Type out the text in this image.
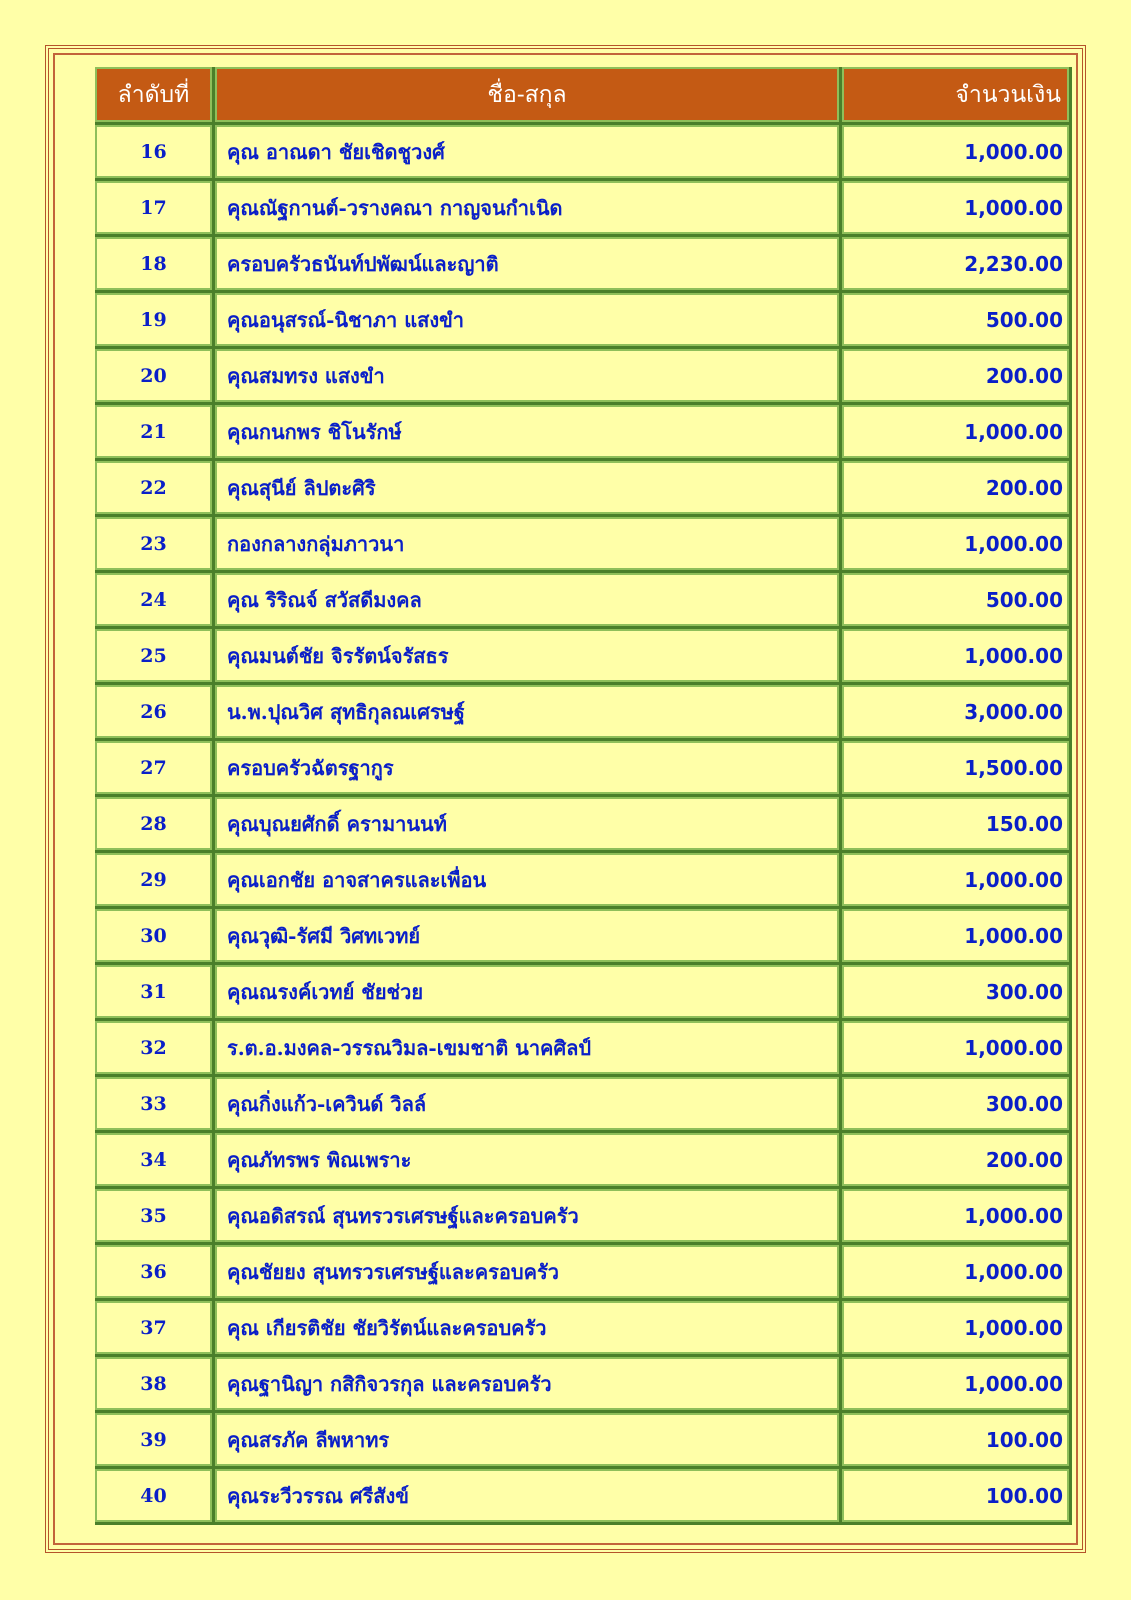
ลำดับที่	ชื่อ-สกุล	จำนวนเงิน
16	คุณ อาณดา ชัยเชิดชูวงศ์	1,000.00
17	คุณณัฐกานต์-วรางคณา กาญจนกำเนิด	1,000.00
18	ครอบครัวธนันท์ปพัฒน์และญาติ	2,230.00
19	คุณอนุสรณ์-นิชาภา แสงขำ	500.00
20	คุณสมทรง แสงขำ	200.00
21	คุณกนกพร ชิโนรักษ์	1,000.00
22	คุณสุนีย์ ลิปตะศิริ	200.00
23	กองกลางกลุ่มภาวนา	1,000.00
24	คุณ ริริณจ์ สวัสดีมงคล	500.00
25	คุณมนต์ชัย จิรรัตน์จรัสธร	1,000.00
26	น.พ.ปุณวิศ สุทธิกุลณเศรษฐ์	3,000.00
27	ครอบครัวฉัตรฐากูร	1,500.00
28	คุณบุณยศักดิ์ ครามานนท์	150.00
29	คุณเอกชัย อาจสาครและเพื่อน	1,000.00
30	คุณวุฒิ-รัศมี วิศทเวทย์	1,000.00
31	คุณณรงค์เวทย์ ชัยช่วย	300.00
32	ร.ต.อ.มงคล-วรรณวิมล-เขมชาติ นาคศิลป์	1,000.00
33	คุณกิ่งแก้ว-เควินด์ วิลล์	300.00
34	คุณภัทรพร พิณเพราะ	200.00
35	คุณอดิสรณ์ สุนทรวรเศรษฐ์และครอบครัว	1,000.00
36	คุณชัยยง สุนทรวรเศรษฐ์และครอบครัว	1,000.00
37	คุณ เกียรติชัย ชัยวิรัตน์และครอบครัว	1,000.00
38	คุณฐานิญา กสิกิจวรกุล และครอบครัว	1,000.00
39	คุณสรภัค ลีพหาทร	100.00
40	คุณระวีวรรณ ศรีสังข์	100.00
